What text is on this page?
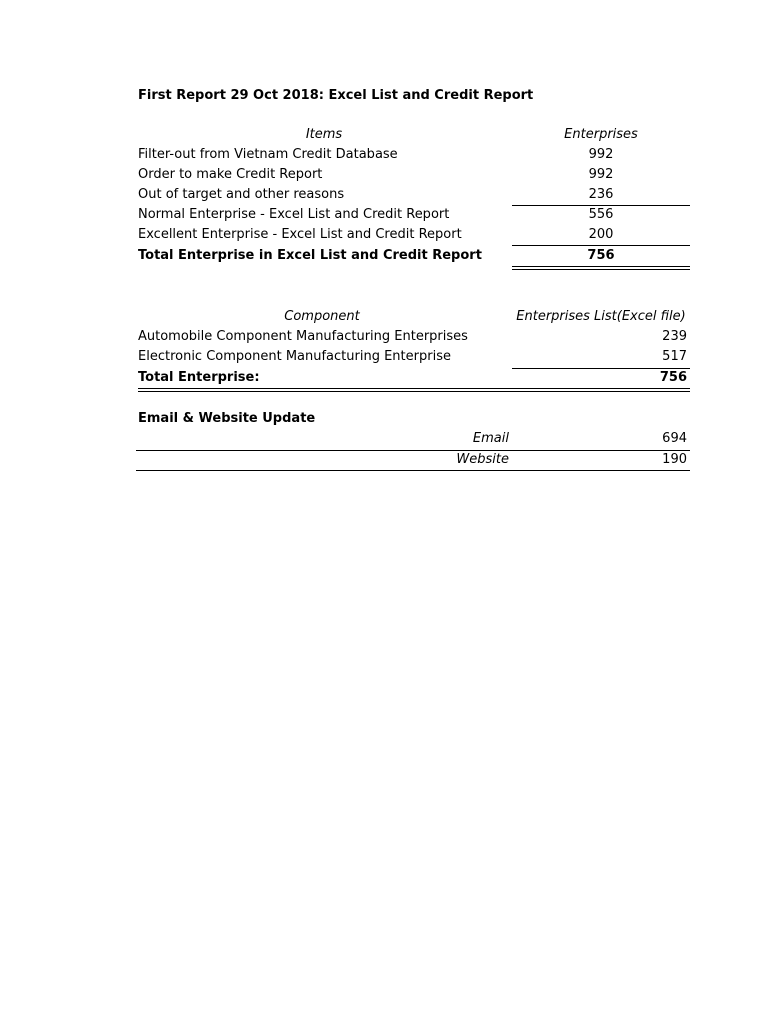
First Report 29 Oct 2018: Excel List and Credit Report
Items	Enterprises
Filter-out from Vietnam Credit Database	992
Order to make Credit Report	992
Out of target and other reasons	236
Normal Enterprise - Excel List and Credit Report	556
Excellent Enterprise - Excel List and Credit Report	200
Total Enterprise in Excel List and Credit Report	756
Component	Enterprises List(Excel file)
Automobile Component Manufacturing Enterprises	239
Electronic Component Manufacturing Enterprise	517
Total Enterprise:	756
Email & Website Update
Email	694
Website	190
